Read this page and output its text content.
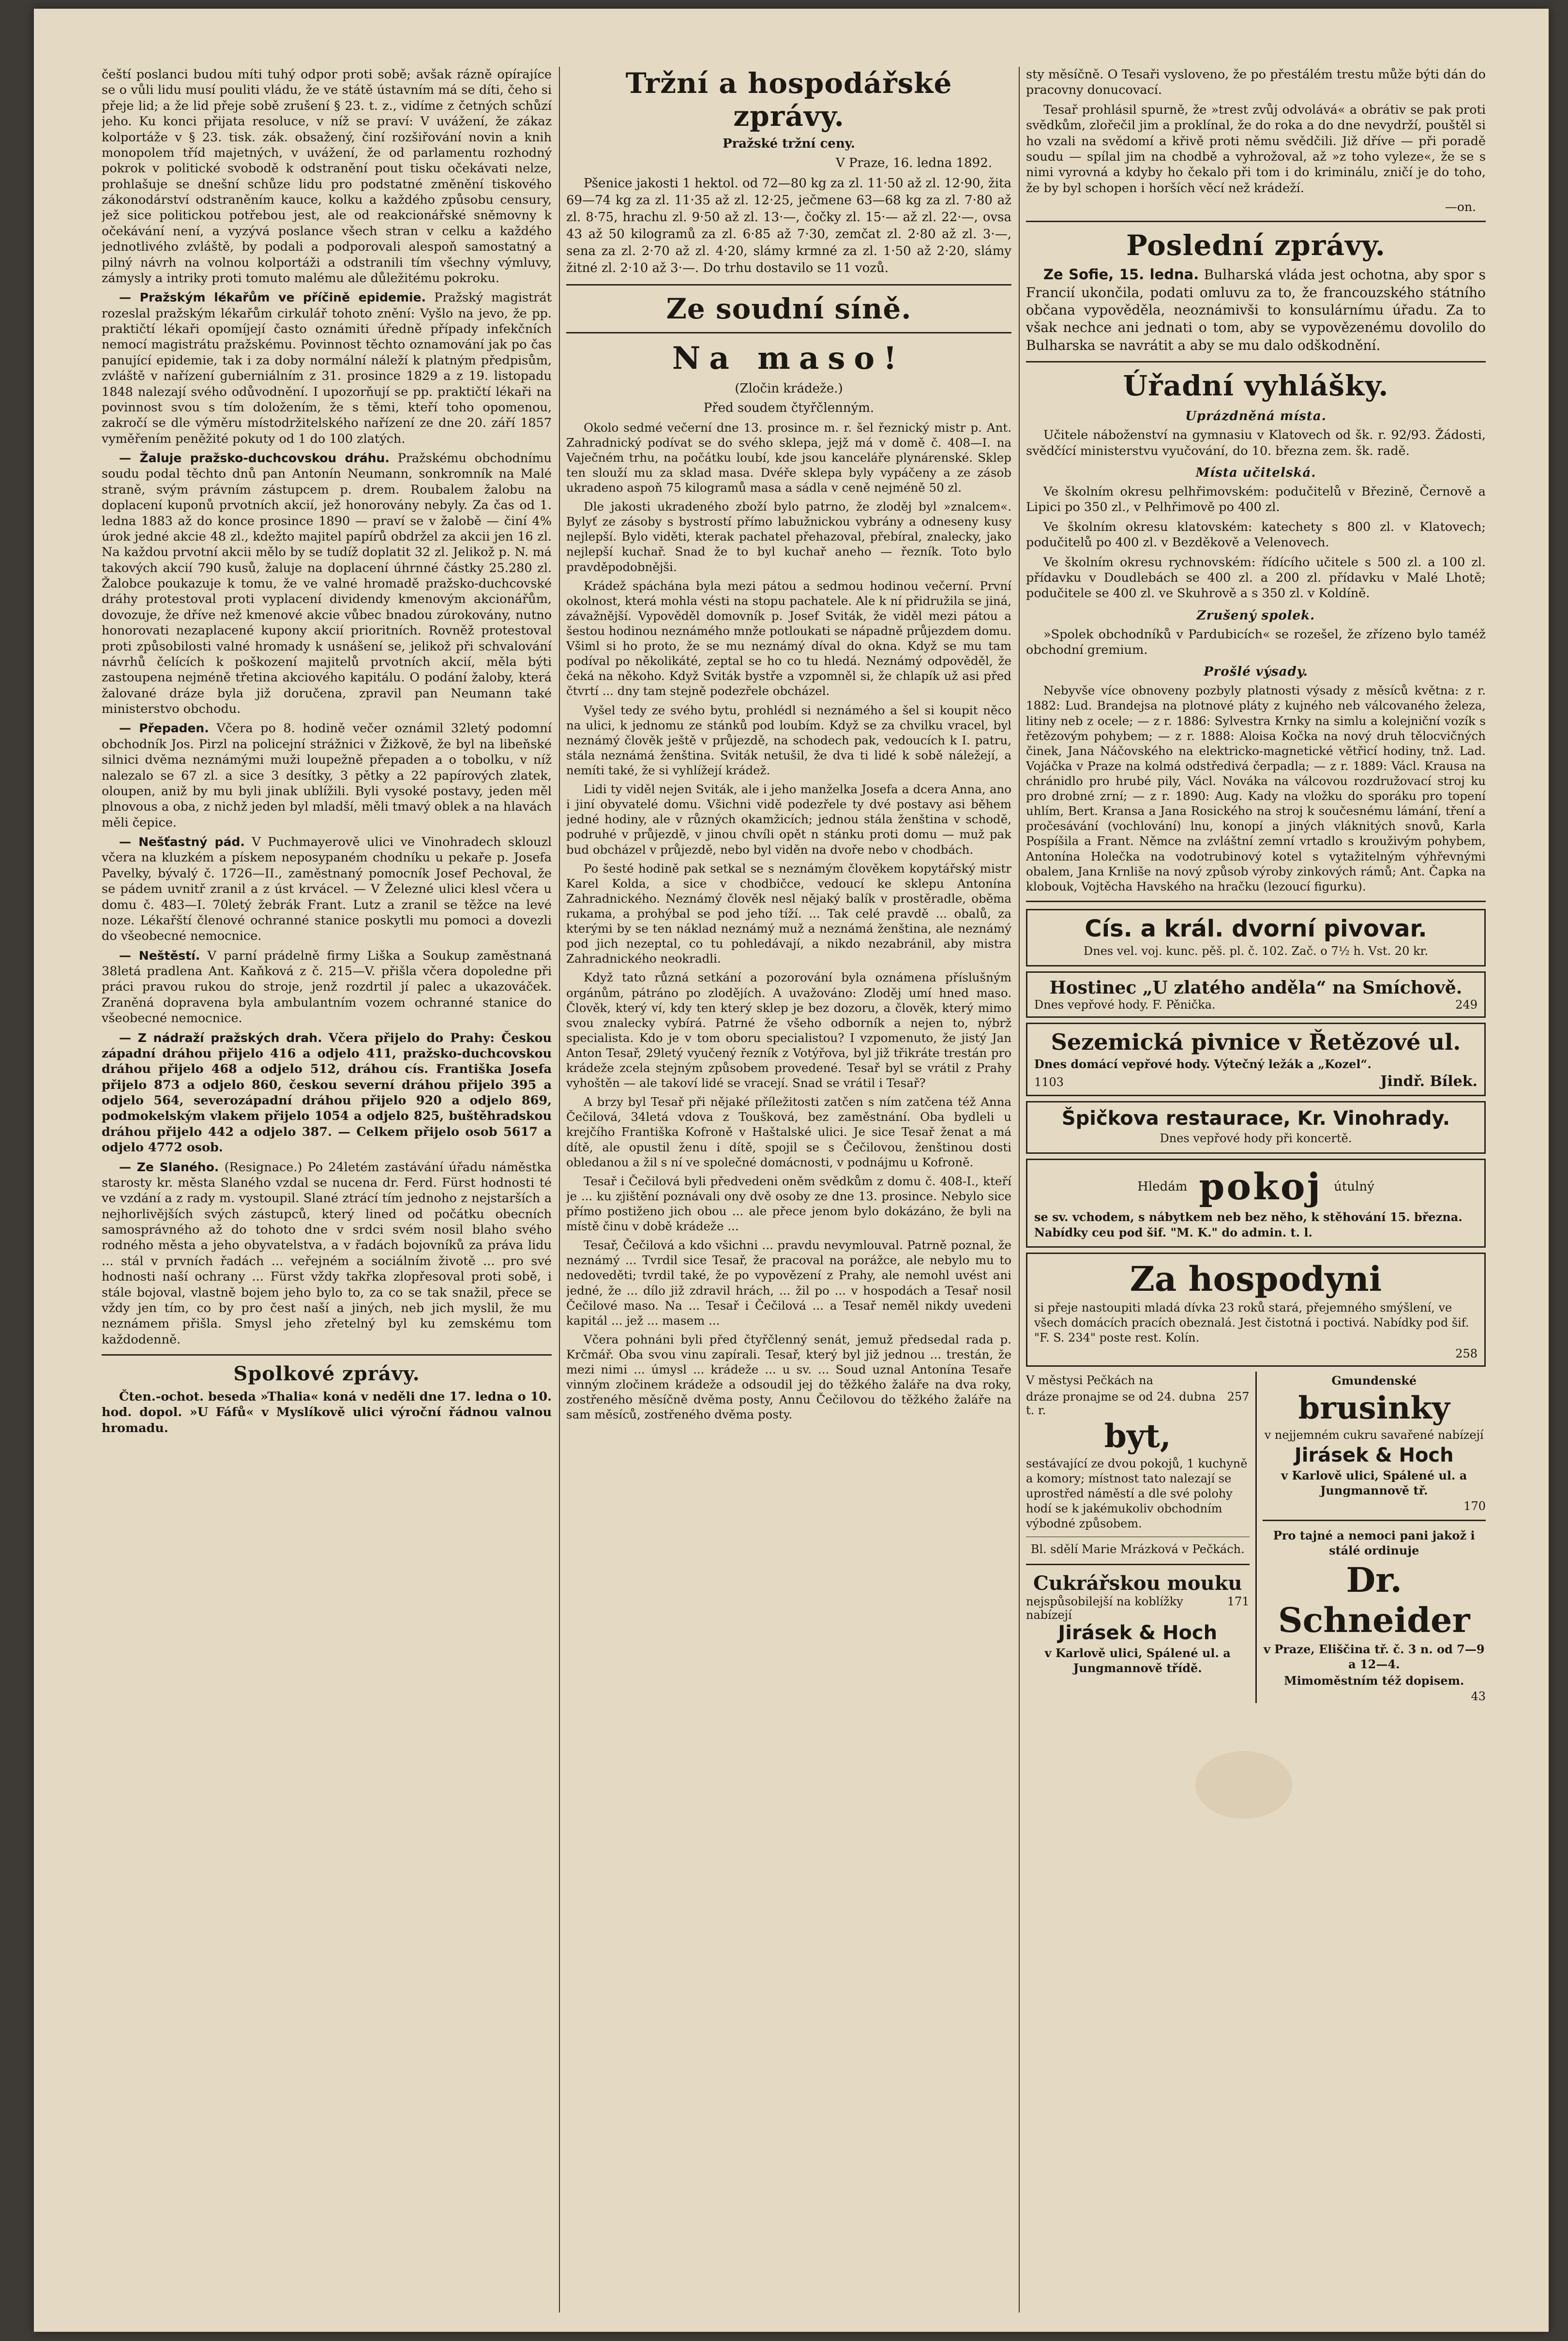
čeští poslanci budou míti tuhý odpor proti sobě; avšak rázně opírajíce se o vůli lidu musí pouliti vládu, že ve státě ústavním má se díti, čeho si přeje lid; a že lid přeje sobě zrušení § 23. t. z., vidíme z četných schůzí jeho. Ku konci přijata resoluce, v níž se praví: V uvážení, že zákaz kolportáže v § 23. tisk. zák. obsažený, činí rozšiřování novin a knih monopolem tříd majetných, v uvážení, že od parlamentu rozhodný pokrok v politické svobodě k odstranění pout tisku očekávati nelze, prohlašuje se dnešní schůze lidu pro podstatné změnění tiskového zákonodárství odstraněním kauce, kolku a každého způsobu censury, jež sice politickou potřebou jest, ale od reakcionářské sněmovny k očekávání není, a vyzývá poslance všech stran v celku a každého jednotlivého zvláště, by podali a podporovali alespoň samostatný a pilný návrh na volnou kolportáži a odstranili tím všechny výmluvy, zámysly a intriky proti tomuto malému ale důležitému pokroku.

— Pražským lékařům ve příčině epidemie. Pražský magistrát rozeslal pražským lékařům cirkulář tohoto znění: Vyšlo na jevo, že pp. praktičtí lékaři opomíjejí často oznámiti úředně případy infekčních nemocí magistrátu pražskému. Povinnost těchto oznamování jak po čas panující epidemie, tak i za doby normální náleží k platným předpisům, zvláště v nařízení guberniálním z 31. prosince 1829 a z 19. listopadu 1848 nalezají svého odůvodnění. I upozorňují se pp. praktičtí lékaři na povinnost svou s tím doložením, že s těmi, kteří toho opomenou, zakročí se dle výměru místodržitelského nařízení ze dne 20. září 1857 vyměřením peněžité pokuty od 1 do 100 zlatých.

— Žaluje pražsko-duchcovskou dráhu. Pražskému obchodnímu soudu podal těchto dnů pan Antonín Neumann, sonkromník na Malé straně, svým právním zástupcem p. drem. Roubalem žalobu na doplacení kuponů prvotních akcií, jež honorovány nebyly. Za čas od 1. ledna 1883 až do konce prosince 1890 — praví se v žalobě — činí 4% úrok jedné akcie 48 zl., kdežto majitel papírů obdržel za akcii jen 16 zl. Na každou prvotní akcii mělo by se tudíž doplatit 32 zl. Jelikož p. N. má takových akcií 790 kusů, žaluje na doplacení úhrnné částky 25.280 zl. Žalobce poukazuje k tomu, že ve valné hromadě pražsko-duchcovské dráhy protestoval proti vyplacení dividendy kmenovým akcionářům, dovozuje, že dříve než kmenové akcie vůbec bnadou zúrokovány, nutno honorovati nezaplacené kupony akcií prioritních. Rovněž protestoval proti způsobilosti valné hromady k usnášení se, jelikož při schvalování návrhů čelících k poškození majitelů prvotních akcií, měla býti zastoupena nejméně třetina akciového kapitálu. O podání žaloby, která žalované dráze byla již doručena, zpravil pan Neumann také ministerstvo obchodu.

— Přepaden. Včera po 8. hodině večer oznámil 32letý podomní obchodník Jos. Pirzl na policejní strážnici v Žižkově, že byl na libeňské silnici dvěma neznámými muži loupežně přepaden a o tobolku, v níž nalezalo se 67 zl. a sice 3 desítky, 3 pětky a 22 papírových zlatek, oloupen, aniž by mu byli jinak ublížili. Byli vysoké postavy, jeden měl plnovous a oba, z nichž jeden byl mladší, měli tmavý oblek a na hlavách měli čepice.

— Nešťastný pád. V Puchmayerově ulici ve Vinohradech sklouzl včera na kluzkém a pískem neposypaném chodníku u pekaře p. Josefa Pavelky, bývalý č. 1726—II., zaměstnaný pomocník Josef Pechoval, že se pádem uvnitř zranil a z úst krvácel. — V Železné ulici klesl včera u domu č. 483—I. 70letý žebrák Frant. Lutz a zranil se těžce na levé noze. Lékařští členové ochranné stanice poskytli mu pomoci a dovezli do všeobecné nemocnice.

— Neštěstí. V parní prádelně firmy Liška a Soukup zaměstnaná 38letá pradlena Ant. Kaňková z č. 215—V. přišla včera dopoledne při práci pravou rukou do stroje, jenž rozdrtil jí palec a ukazováček. Zraněná dopravena byla ambulantním vozem ochranné stanice do všeobecné nemocnice.

— Z nádraží pražských drah. Včera přijelo do Prahy: Českou západní dráhou přijelo 416 a odjelo 411, pražsko-duchcovskou dráhou přijelo 468 a odjelo 512, dráhou cís. Františka Josefa přijelo 873 a odjelo 860, českou severní dráhou přijelo 395 a odjelo 564, severozápadní dráhou přijelo 920 a odjelo 869, podmokelským vlakem přijelo 1054 a odjelo 825, buštěhradskou dráhou přijelo 442 a odjelo 387. — Celkem přijelo osob 5617 a odjelo 4772 osob.

— Ze Slaného. (Resignace.) Po 24letém zastávání úřadu náměstka starosty kr. města Slaného vzdal se nucena dr. Ferd. Fürst hodnosti té ve vzdání a z rady m. vystoupil. Slané ztrácí tím jednoho z nejstarších a nejhorlivějších svých zástupců, který lined od počátku obecních samosprávného až do tohoto dne v srdci svém nosil blaho svého rodného města a jeho obyvatelstva, a v řadách bojovníků za práva lidu ... stál v prvních řadách ... veřejném a sociálním životě ... pro své hodnosti naší ochrany ... Fürst vždy takřka zlopřesoval proti sobě, i stále bojoval, vlastně bojem jeho bylo to, za co se tak snažil, přece se vždy jen tím, co by pro čest naší a jiných, neb jich myslil, že mu neznámem přišla. Smysl jeho zřetelný byl ku zemskému tom každodenně.

Spolkové zprávy.

Čten.-ochot. beseda »Thalia« koná v neděli dne 17. ledna o 10. hod. dopol. »U Fáfů« v Myslíkově ulici výroční řádnou valnou hromadu.

Tržní a hospodářské zprávy.
Pražské tržní ceny.
V Praze, 16. ledna 1892.

Pšenice jakosti 1 hektol. od 72—80 kg za zl. 11·50 až zl. 12·90, žita 69—74 kg za zl. 11·35 až zl. 12·25, ječmene 63—68 kg za zl. 7·80 až zl. 8·75, hrachu zl. 9·50 až zl. 13·—, čočky zl. 15·— až zl. 22·—, ovsa 43 až 50 kilogramů za zl. 6·85 až 7·30, zemčat zl. 2·80 až zl. 3·—, sena za zl. 2·70 až zl. 4·20, slámy krmné za zl. 1·50 až 2·20, slámy žitné zl. 2·10 až 3·—. Do trhu dostavilo se 11 vozů.

Ze soudní síně.
Na maso!
(Zločin krádeže.)
Před soudem čtyřčlenným.

Okolo sedmé večerní dne 13. prosince m. r. šel řeznický mistr p. Ant. Zahradnický podívat se do svého sklepa, jejž má v domě č. 408—I. na Vaječném trhu, na počátku loubí, kde jsou kanceláře plynárenské. Sklep ten slouží mu za sklad masa. Dvéře sklepa byly vypáčeny a ze zásob ukradeno aspoň 75 kilogramů masa a sádla v ceně nejméně 50 zl.

Dle jakosti ukradeného zboží bylo patrno, že zloděj byl »znalcem«. Bylyť ze zásoby s bystrostí přímo labužnickou vybrány a odneseny kusy nejlepší. Bylo viděti, kterak pachatel přehazoval, přebíral, znalecky, jako nejlepší kuchař. Snad že to byl kuchař aneho — řezník. Toto bylo pravděpodobnějši.

Krádež spáchána byla mezi pátou a sedmou hodinou večerní. První okolnost, která mohla vésti na stopu pachatele. Ale k ní přidružila se jiná, závažnější. Vypověděl domovník p. Josef Sviták, že viděl mezi pátou a šestou hodinou neznámého mnže potloukati se nápadně průjezdem domu. Všiml si ho proto, že se mu neznámý díval do okna. Když se mu tam podíval po několikáté, zeptal se ho co tu hledá. Neznámý odpověděl, že čeká na někoho. Když Sviták bystře a vzpomněl si, že chlapík už asi před čtvrtí ... dny tam stejně podezřele obcházel.

Vyšel tedy ze svého bytu, prohlédl si neznámého a šel si koupit něco na ulici, k jednomu ze stánků pod loubím. Když se za chvilku vracel, byl neznámý člověk ještě v průjezdě, na schodech pak, vedoucích k I. patru, stála neznámá ženština. Sviták netušil, že dva ti lidé k sobě náležejí, a nemíti také, že si vyhlížejí krádež.

Lidi ty viděl nejen Sviták, ale i jeho manželka Josefa a dcera Anna, ano i jiní obyvatelé domu. Všichni vidě podezřele ty dvé postavy asi během jedné hodiny, ale v různých okamžicích; jednou stála ženština v schodě, podruhé v průjezdě, v jinou chvíli opět n stánku proti domu — muž pak bud obcházel v průjezdě, nebo byl viděn na dvoře nebo v chodbách.

Po šesté hodině pak setkal se s neznámým člověkem kopytářský mistr Karel Kolda, a sice v chodbičce, vedoucí ke sklepu Antonína Zahradnického. Neznámý člověk nesl nějaký balík v prostěradle, oběma rukama, a prohýbal se pod jeho tíží. ... Tak celé pravdě ... obalů, za kterými by se ten náklad neznámý muž a neznámá ženština, ale neznámý pod jich nezeptal, co tu pohledávají, a nikdo nezabránil, aby mistra Zahradnického neokradli.

Když tato různá setkání a pozorování byla oznámena příslušným orgánům, pátráno po zlodějích. A uvažováno: Zloděj umí hned maso. Člověk, který ví, kdy ten který sklep je bez dozoru, a člověk, který mimo svou znalecky vybírá. Patrné že všeho odborník a nejen to, nýbrž specialista. Kdo je v tom oboru specialistou? I vzpomenuto, že jistý Jan Anton Tesař, 29letý vyučený řezník z Votýřova, byl již třikráte trestán pro krádeže zcela stejným způsobem provedené. Tesař byl se vrátil z Prahy vyhoštěn — ale takoví lidé se vracejí. Snad se vrátil i Tesař?

A brzy byl Tesař při nějaké příležitosti zatčen s ním zatčena též Anna Čečilová, 34letá vdova z Toušková, bez zaměstnání. Oba bydleli u krejčího Františka Kofroně v Haštalské ulici. Je sice Tesař ženat a má dítě, ale opustil ženu i dítě, spojil se s Čečilovou, ženštinou dosti obledanou a žil s ní ve společné domácnosti, v podnájmu u Kofroně.

Tesař i Čečilová byli předvedeni oněm svědkům z domu č. 408-I., kteří je ... ku zjištění poznávali ony dvě osoby ze dne 13. prosince. Nebylo sice přímo postiženo jich obou ... ale přece jenom bylo dokázáno, že byli na místě činu v době krádeže ...

Tesař, Čečilová a kdo všichni ... pravdu nevymlouval. Patrně poznal, že neznámý ... Tvrdil sice Tesař, že pracoval na porážce, ale nebylo mu to nedoveděti; tvrdil také, že po vypovězení z Prahy, ale nemohl uvést ani jedné, že ... dílo již zdravil hrách, ... žil po ... v hospodách a Tesař nosil Čečilové maso. Na ... Tesař i Čečilová ... a Tesař neměl nikdy uvedeni kapitál ... jež ... masem ...

Včera pohnáni byli před čtyřčlenný senát, jemuž předsedal rada p. Krčmář. Oba svou vinu zapírali. Tesař, který byl již jednou ... trestán, že mezi nimi ... úmysl ... krádeže ... u sv. ... Soud uznal Antonína Tesaře vinným zločinem krádeže a odsoudil jej do těžkého žaláře na dva roky, zostřeného měsíčně dvěma posty, Annu Čečilovou do těžkého žaláře na sam měsíců, zostřeného dvěma posty.

sty měsíčně. O Tesaři vysloveno, že po přestálém trestu může býti dán do pracovny donucovací.

Tesař prohlásil spurně, že »trest zvůj odvolává« a obrátiv se pak proti svědkům, zlořečil jim a proklínal, že do roka a do dne nevydrží, pouštěl si ho vzali na svědomí a křivě proti němu svědčili. Již dříve — při poradě soudu — spílal jim na chodbě a vyhrožoval, až »z toho vyleze«, že se s nimi vyrovná a kdyby ho čekalo při tom i do kriminálu, zničí je do toho, že by byl schopen i horších věcí než krádeží.

—on.
Poslední zprávy.

Ze Sofie, 15. ledna. Bulharská vláda jest ochotna, aby spor s Francií ukončila, podati omluvu za to, že francouzského státního občana vypověděla, neoznámivši to konsulárnímu úřadu. Za to však nechce ani jednati o tom, aby se vypovězenému dovolilo do Bulharska se navrátit a aby se mu dalo odškodnění.

Úřadní vyhlášky.
Uprázdněná místa.

Učitele náboženství na gymnasiu v Klatovech od šk. r. 92/93. Žádosti, svědčící ministerstvu vyučování, do 10. března zem. šk. radě.

Místa učitelská.

Ve školním okresu pelhřimovském: podučitelů v Březině, Černově a Lipici po 350 zl., v Pelhřimově po 400 zl.

Ve školním okresu klatovském: katechety s 800 zl. v Klatovech; podučitelů po 400 zl. v Bezděkově a Velenovech.

Ve školním okresu rychnovském: řídícího učitele s 500 zl. a 100 zl. přídavku v Doudlebách se 400 zl. a 200 zl. přídavku v Malé Lhotě; podučitele se 400 zl. ve Skuhrově a s 350 zl. v Koldíně.

Zrušený spolek.

»Spolek obchodníků v Pardubicích« se rozešel, že zřízeno bylo taméž obchodní gremium.

Prošlé výsady.

Nebyvše více obnoveny pozbyly platnosti výsady z měsíců května: z r. 1882: Lud. Brandejsa na plotnové pláty z kujného neb válcovaného železa, litiny neb z ocele; — z r. 1886: Sylvestra Krnky na simlu a kolejniční vozík s řetězovým pohybem; — z r. 1888: Aloisa Kočka na nový druh tělocvičných činek, Jana Náčovského na elektricko-magnetické větřicí hodiny, tnž. Lad. Vojáčka v Praze na kolmá odstředivá čerpadla; — z r. 1889: Václ. Krausa na chránidlo pro hrubé pily, Václ. Nováka na válcovou rozdružovací stroj ku pro drobné zrní; — z r. 1890: Aug. Kady na vložku do sporáku pro topení uhlím, Bert. Kransa a Jana Rosického na stroj k součesnému lámání, tření a pročesávání (vochlování) lnu, konopí a jiných vláknitých snovů, Karla Pospíšila a Frant. Němce na zvláštní zemní vrtadlo s krouživým pohybem, Antonína Holečka na vodotrubinový kotel s vytažitelným výhřevnými obalem, Jana Krnliše na nový způsob výroby zinkových rámů; Ant. Čapka na klobouk, Vojtěcha Havského na hračku (lezoucí figurku).

Cís. a král. dvorní pivovar.
Dnes vel. voj. kunc. pěš. pl. č. 102. Zač. o 7½ h. Vst. 20 kr.
Hostinec „U zlatého anděla“ na Smíchově.
Dnes vepřové hody. F. Pěnička.	249
Sezemická pivnice v Řetězové ul.
Dnes domácí vepřové hody. Výtečný ležák a „Kozel“.
1103	Jindř. Bílek.
Špičkova restaurace, Kr. Vinohrady.
Dnes vepřové hody při koncertě.
Hledám pokoj útulný
se sv. vchodem, s nábytkem neb bez něho, k stěhování 15. března. Nabídky ceu pod šif. "M. K." do admin. t. l.
Za hospodyni
si přeje nastoupiti mladá dívka 23 roků stará, přejemného smýšlení, ve všech domácích pracích obeznalá. Jest čistotná i poctivá. Nabídky pod šif. "F. S. 234" poste rest. Kolín.
258
V městysi Pečkách na
dráze pronajme se od 24. dubna t. r.
257
byt,
sestávající ze dvou pokojů, 1 kuchyně a komory; místnost tato nalezají se uprostřed náměstí a dle své polohy hodí se k jakémukoliv obchodním výbodné způsobem.
Bl. sdělí Marie Mrázková v Pečkách.
Cukrářskou mouku
nejspůsobilejší na koblížky nabízejí
171
Jirásek & Hoch
v Karlově ulici, Spálené ul. a Jungmannově třídě.
Gmundenské
brusinky
v nejjemném cukru savařené nabízejí
Jirásek & Hoch
v Karlově ulici, Spálené ul. a Jungmannově tř.
170
Pro tajné a nemoci pani jakož i stálé ordinuje
Dr. Schneider
v Praze, Eliščina tř. č. 3 n. od 7—9 a 12—4.
Mimoměstním též dopisem.
43
